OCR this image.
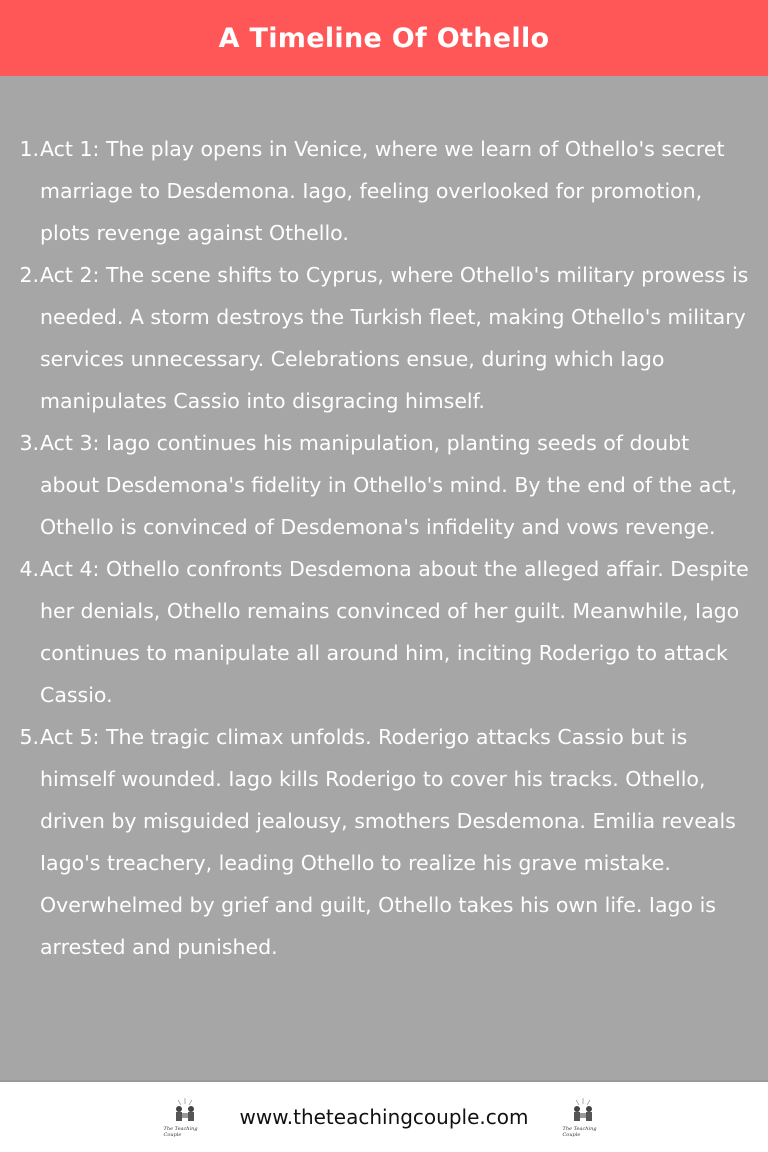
A Timeline Of Othello
1. Act 1: The play opens in Venice, where we learn of Othello's secret marriage to Desdemona. Iago, feeling overlooked for promotion, plots revenge against Othello.
2. Act 2: The scene shifts to Cyprus, where Othello's military prowess is needed. A storm destroys the Turkish fleet, making Othello's military services unnecessary. Celebrations ensue, during which Iago manipulates Cassio into disgracing himself.
3. Act 3: Iago continues his manipulation, planting seeds of doubt about Desdemona's fidelity in Othello's mind. By the end of the act, Othello is convinced of Desdemona's infidelity and vows revenge.
4. Act 4: Othello confronts Desdemona about the alleged affair. Despite her denials, Othello remains convinced of her guilt. Meanwhile, Iago continues to manipulate all around him, inciting Roderigo to attack Cassio.
5. Act 5: The tragic climax unfolds. Roderigo attacks Cassio but is himself wounded. Iago kills Roderigo to cover his tracks. Othello, driven by misguided jealousy, smothers Desdemona. Emilia reveals Iago's treachery, leading Othello to realize his grave mistake. Overwhelmed by grief and guilt, Othello takes his own life. Iago is arrested and punished.
The Teaching Couple
www.theteachingcouple.com	The Teaching Couple
